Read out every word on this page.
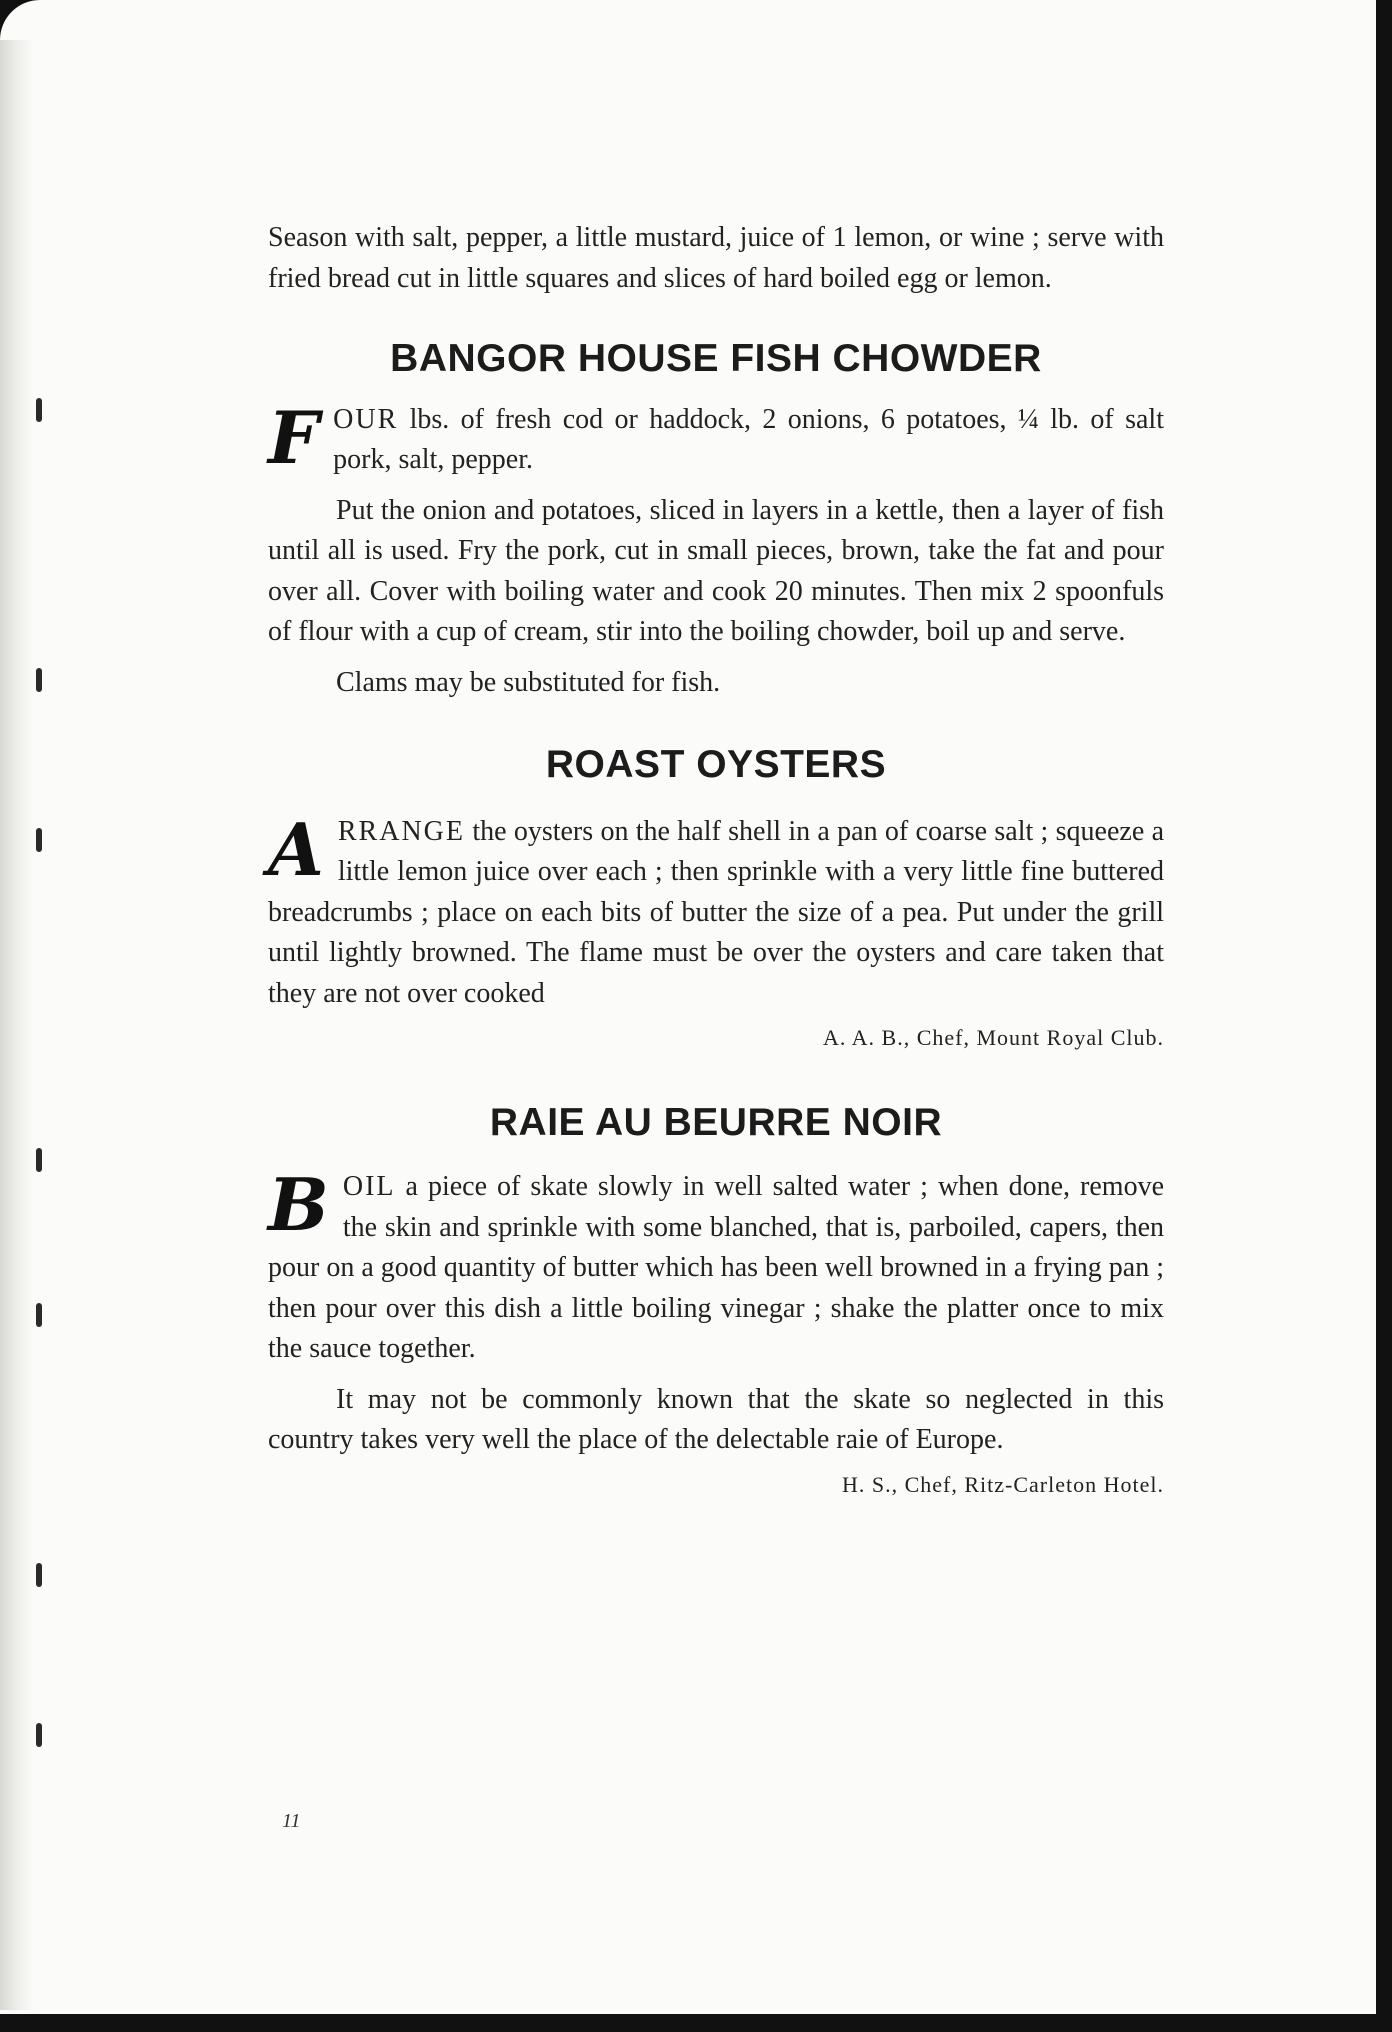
Season with salt, pepper, a little mustard, juice of 1 lemon, or wine ; serve with fried bread cut in little squares and slices of hard boiled egg or lemon.

BANGOR HOUSE FISH CHOWDER

FOUR lbs. of fresh cod or haddock, 2 onions, 6 potatoes, ¼ lb. of salt pork, salt, pepper.

Put the onion and potatoes, sliced in layers in a kettle, then a layer of fish until all is used. Fry the pork, cut in small pieces, brown, take the fat and pour over all. Cover with boiling water and cook 20 minutes. Then mix 2 spoonfuls of flour with a cup of cream, stir into the boiling chowder, boil up and serve.

Clams may be substituted for fish.

ROAST OYSTERS

ARRANGE the oysters on the half shell in a pan of coarse salt ; squeeze a little lemon juice over each ; then sprinkle with a very little fine buttered breadcrumbs ; place on each bits of butter the size of a pea. Put under the grill until lightly browned. The flame must be over the oysters and care taken that they are not over cooked

A. A. B., Chef, Mount Royal Club.
RAIE AU BEURRE NOIR

BOIL a piece of skate slowly in well salted water ; when done, remove the skin and sprinkle with some blanched, that is, parboiled, capers, then pour on a good quantity of butter which has been well browned in a frying pan ; then pour over this dish a little boiling vinegar ; shake the platter once to mix the sauce together.

It may not be commonly known that the skate so neglected in this country takes very well the place of the delectable raie of Europe.

H. S., Chef, Ritz-Carleton Hotel.
11
